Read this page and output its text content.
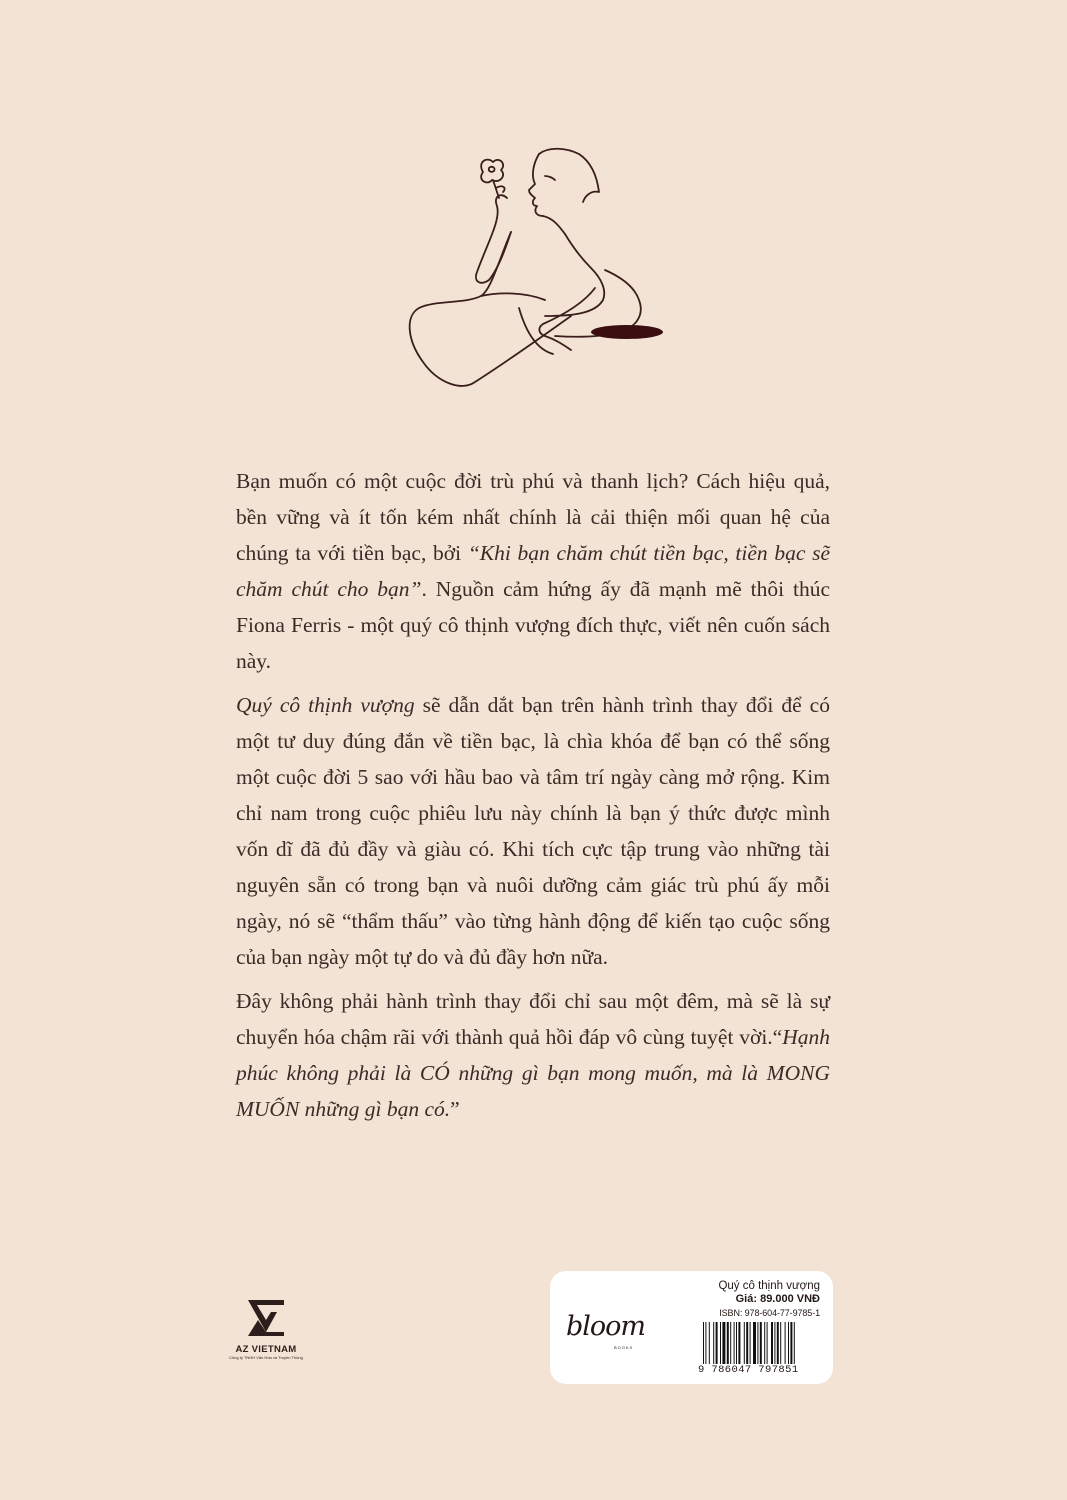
Bạn muốn có một cuộc đời trù phú và thanh lịch? Cách hiệu quả, bền vững và ít tốn kém nhất chính là cải thiện mối quan hệ của chúng ta với tiền bạc, bởi “Khi bạn chăm chút tiền bạc, tiền bạc sẽ chăm chút cho bạn”. Nguồn cảm hứng ấy đã mạnh mẽ thôi thúc Fiona Ferris - một quý cô thịnh vượng đích thực, viết nên cuốn sách này.

Quý cô thịnh vượng sẽ dẫn dắt bạn trên hành trình thay đổi để có một tư duy đúng đắn về tiền bạc, là chìa khóa để bạn có thể sống một cuộc đời 5 sao với hầu bao và tâm trí ngày càng mở rộng. Kim chỉ nam trong cuộc phiêu lưu này chính là bạn ý thức được mình vốn dĩ đã đủ đầy và giàu có. Khi tích cực tập trung vào những tài nguyên sẵn có trong bạn và nuôi dưỡng cảm giác trù phú ấy mỗi ngày, nó sẽ “thẩm thấu” vào từng hành động để kiến tạo cuộc sống của bạn ngày một tự do và đủ đầy hơn nữa.

Đây không phải hành trình thay đổi chỉ sau một đêm, mà sẽ là sự chuyển hóa chậm rãi với thành quả hồi đáp vô cùng tuyệt vời.“Hạnh phúc không phải là CÓ những gì bạn mong muốn, mà là MONG MUỐN những gì bạn có.”

AZ VIETNAM
Công ty TNHH Văn Hóa và Truyền Thông
bloom
BOOKS
Quý cô thịnh vượng
Giá: 89.000 VNĐ
ISBN: 978-604-77-9785-1
9 786047 797851
